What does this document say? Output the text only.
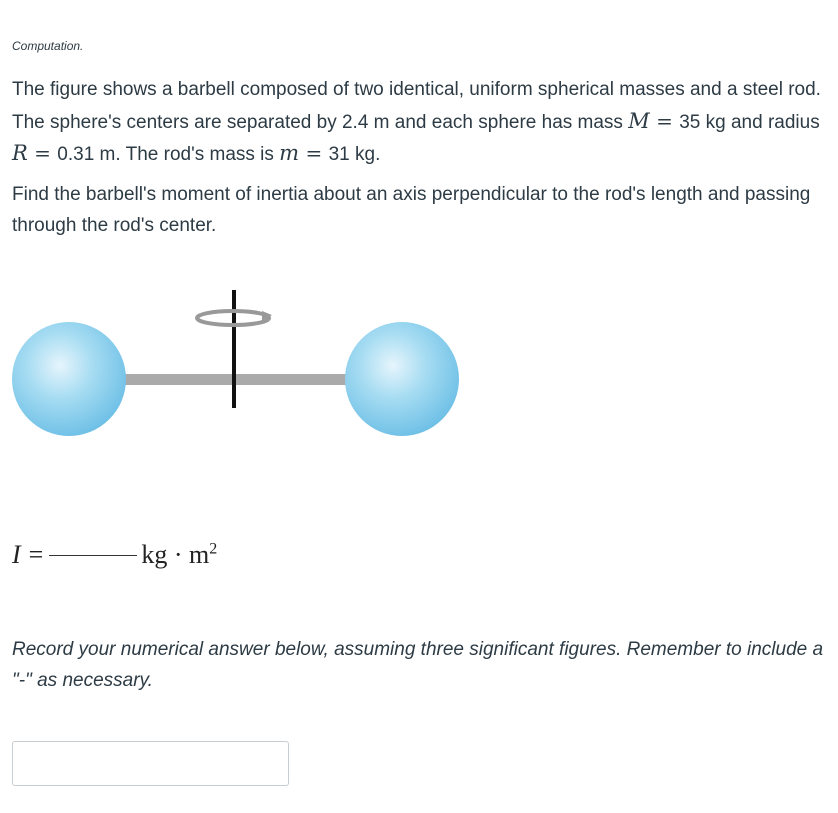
Computation.
The figure shows a barbell composed of two identical, uniform spherical masses and a steel rod. The sphere's centers are separated by 2.4 m and each sphere has mass M = 35 kg and radius R = 0.31 m. The rod's mass is m = 31 kg.
Find the barbell's moment of inertia about an axis perpendicular to the rod's length and passing through the rod's center.
I =	kg · $m^2$
Record your numerical answer below, assuming three significant figures. Remember to include a "-" as necessary.
